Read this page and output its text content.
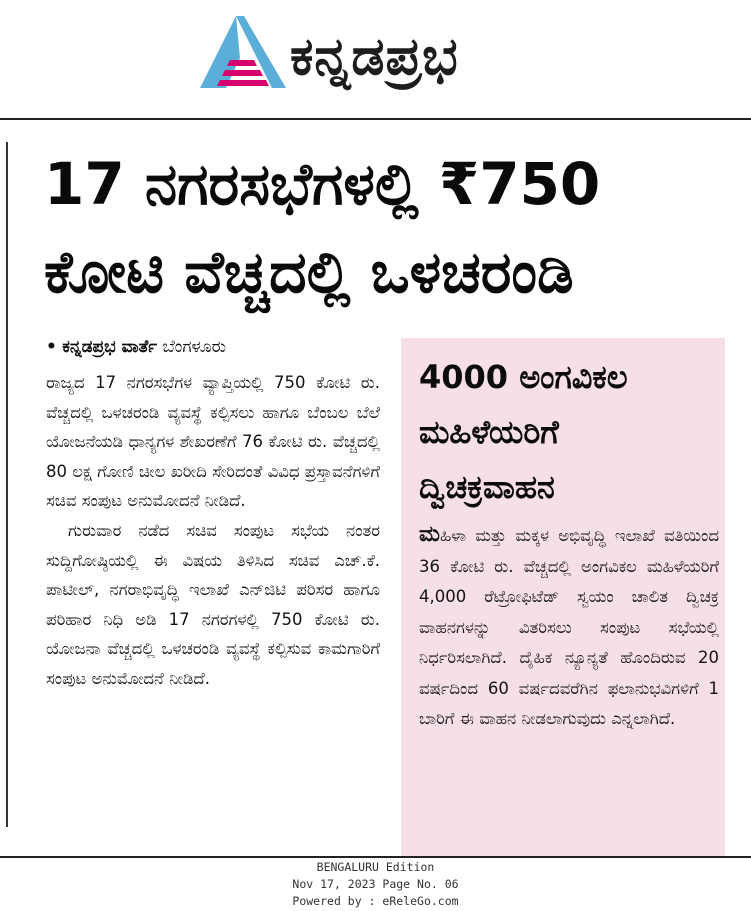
ಕನ್ನಡಪ್ರಭ
17 ನಗರಸಭೆಗಳಲ್ಲಿ ₹750
ಕೋಟಿ ವೆಚ್ಚದಲ್ಲಿ ಒಳಚರಂಡಿ
• ಕನ್ನಡಪ್ರಭ ವಾರ್ತೆ ಬೆಂಗಳೂರು

ರಾಜ್ಯದ 17 ನಗರಸಭೆಗಳ ವ್ಯಾಪ್ತಿಯಲ್ಲಿ 750 ಕೋಟಿ ರು. ವೆಚ್ಚದಲ್ಲಿ ಒಳಚರಂಡಿ ವ್ಯವಸ್ಥೆ ಕಲ್ಪಿಸಲು ಹಾಗೂ ಬೆಂಬಲ ಬೆಲೆ ಯೋಜನೆಯಡಿ ಧಾನ್ಯಗಳ ಶೇಖರಣೆಗೆ 76 ಕೋಟಿ ರು. ವೆಚ್ಚದಲ್ಲಿ 80 ಲಕ್ಷ ಗೋಣಿ ಚೀಲ ಖರೀದಿ ಸೇರಿದಂತೆ ವಿವಿಧ ಪ್ರಸ್ತಾವನೆಗಳಿಗೆ ಸಚಿವ ಸಂಪುಟ ಅನುಮೋದನೆ ನೀಡಿದೆ.

ಗುರುವಾರ ನಡೆದ ಸಚಿವ ಸಂಪುಟ ಸಭೆಯ ನಂತರ ಸುದ್ದಿಗೋಷ್ಠಿಯಲ್ಲಿ ಈ ವಿಷಯ ತಿಳಿಸಿದ ಸಚಿವ ಎಚ್.ಕೆ. ಪಾಟೀಲ್, ನಗರಾಭಿವೃದ್ಧಿ ಇಲಾಖೆ ಎನ್‌ಜಿಟಿ ಪರಿಸರ ಹಾಗೂ ಪರಿಹಾರ ನಿಧಿ ಅಡಿ 17 ನಗರಗಳಲ್ಲಿ 750 ಕೋಟಿ ರು. ಯೋಜನಾ ವೆಚ್ಚದಲ್ಲಿ ಒಳಚರಂಡಿ ವ್ಯವಸ್ಥೆ ಕಲ್ಪಿಸುವ ಕಾಮಗಾರಿಗೆ ಸಂಪುಟ ಅನುಮೋದನೆ ನೀಡಿದೆ.

4000 ಅಂಗವಿಕಲ
ಮಹಿಳೆಯರಿಗೆ
ದ್ವಿಚಕ್ರವಾಹನ
ಮಹಿಳಾ ಮತ್ತು ಮಕ್ಕಳ ಅಭಿವೃದ್ಧಿ ಇಲಾಖೆ ವತಿಯಿಂದ 36 ಕೋಟಿ ರು. ವೆಚ್ಚದಲ್ಲಿ ಅಂಗವಿಕಲ ಮಹಿಳೆಯರಿಗೆ 4,000 ರೆಟ್ರೋಫಿಟೆಡ್ ಸ್ವಯಂ ಚಾಲಿತ ದ್ವಿಚಕ್ರ ವಾಹನಗಳನ್ನು ವಿತರಿಸಲು ಸಂಪುಟ ಸಭೆಯಲ್ಲಿ ನಿರ್ಧರಿಸಲಾಗಿದೆ. ದೈಹಿಕ ನ್ಯೂನ್ಯತೆ ಹೊಂದಿರುವ 20 ವರ್ಷದಿಂದ 60 ವರ್ಷದವರೆಗಿನ ಫಲಾನುಭವಿಗಳಿಗೆ 1 ಬಾರಿಗೆ ಈ ವಾಹನ ನೀಡಲಾಗುವುದು ಎನ್ನಲಾಗಿದೆ.
BENGALURU Edition
Nov 17, 2023 Page No. 06
Powered by : eReleGo.com
